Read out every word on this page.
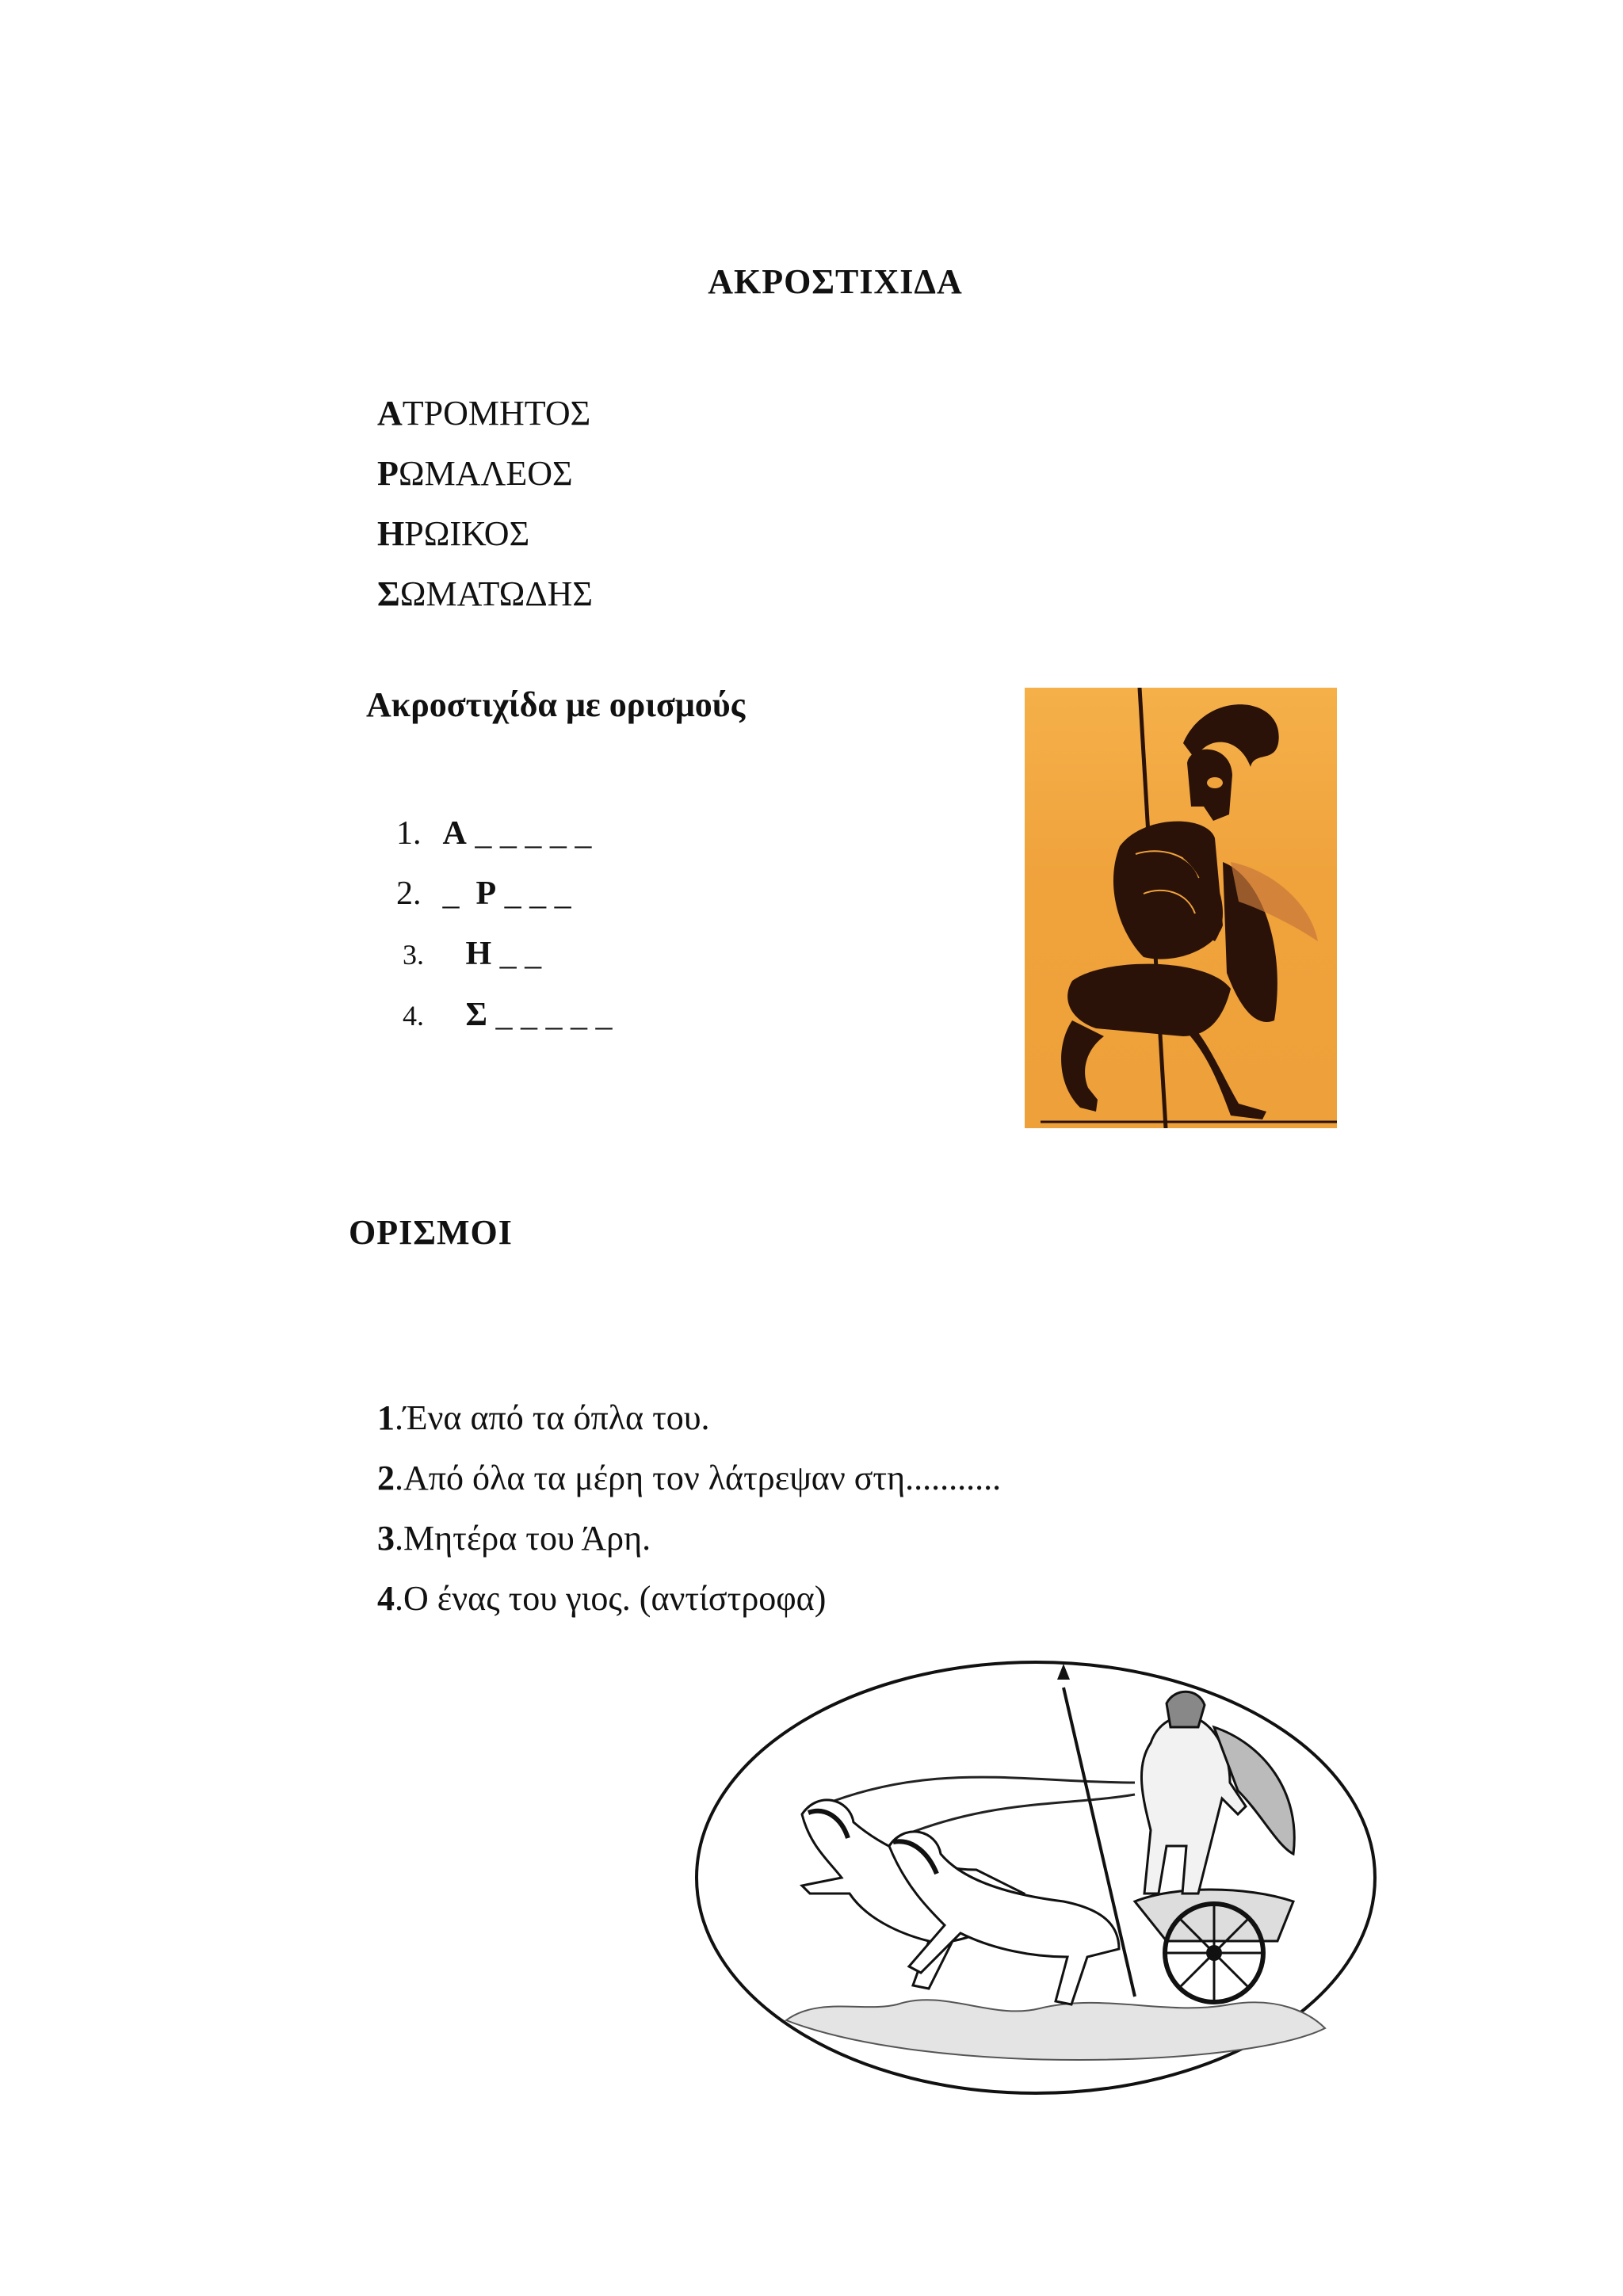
ΑΚΡΟΣΤΙΧΙΔΑ
ΑΤΡΟΜΗΤΟΣ
ΡΩΜΑΛΕΟΣ
ΗΡΩΙΚΟΣ
ΣΩΜΑΤΩΔΗΣ
Ακροστιχίδα με ορισμούς
1. Α _ _ _ _ _
2. _  Ρ _ _ _
3. Η _ _
4. Σ _ _ _ _ _
ΟΡΙΣΜΟΙ
1.Ένα από τα όπλα του.
2.Από όλα τα μέρη τον λάτρεψαν στη...........
3.Μητέρα του Άρη.
4.Ο ένας του γιος. (αντίστροφα)
